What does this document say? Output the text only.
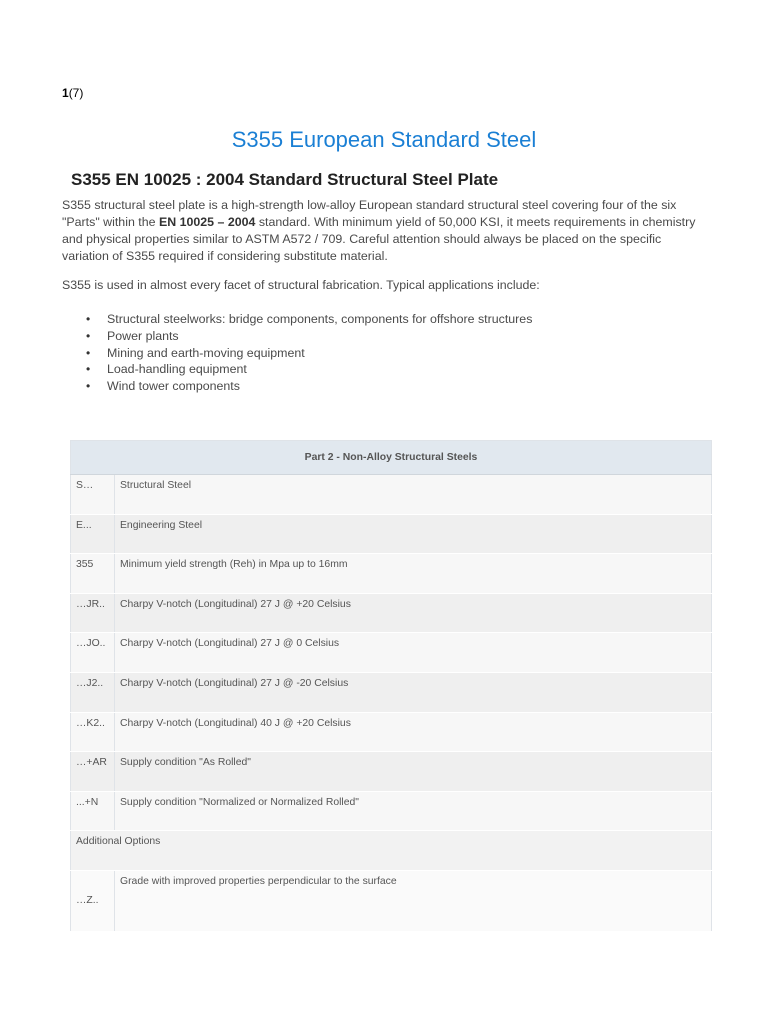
1(7)
S355 European Standard Steel
S355 EN 10025 : 2004 Standard Structural Steel Plate

S355 structural steel plate is a high-strength low-alloy European standard structural steel covering four of the six "Parts" within the EN 10025 – 2004 standard. With minimum yield of 50,000 KSI, it meets requirements in chemistry and physical properties similar to ASTM A572 / 709. Careful attention should always be placed on the specific variation of S355 required if considering substitute material.

S355 is used in almost every facet of structural fabrication. Typical applications include:

• Structural steelworks: bridge components, components for offshore structures
• Power plants
• Mining and earth-moving equipment
• Load-handling equipment
• Wind tower components
Part 2 - Non-Alloy Structural Steels	
S…	Structural Steel
E...	Engineering Steel
355	Minimum yield strength (Reh) in Mpa up to 16mm
…JR..	Charpy V-notch (Longitudinal) 27 J @ +20 Celsius
…JO..	Charpy V-notch (Longitudinal) 27 J @ 0 Celsius
…J2..	Charpy V-notch (Longitudinal) 27 J @ -20 Celsius
…K2..	Charpy V-notch (Longitudinal) 40 J @ +20 Celsius
…+AR	Supply condition "As Rolled"
...+N	Supply condition "Normalized or Normalized Rolled"
Additional Options	
…Z..	Grade with improved properties perpendicular to the surface
